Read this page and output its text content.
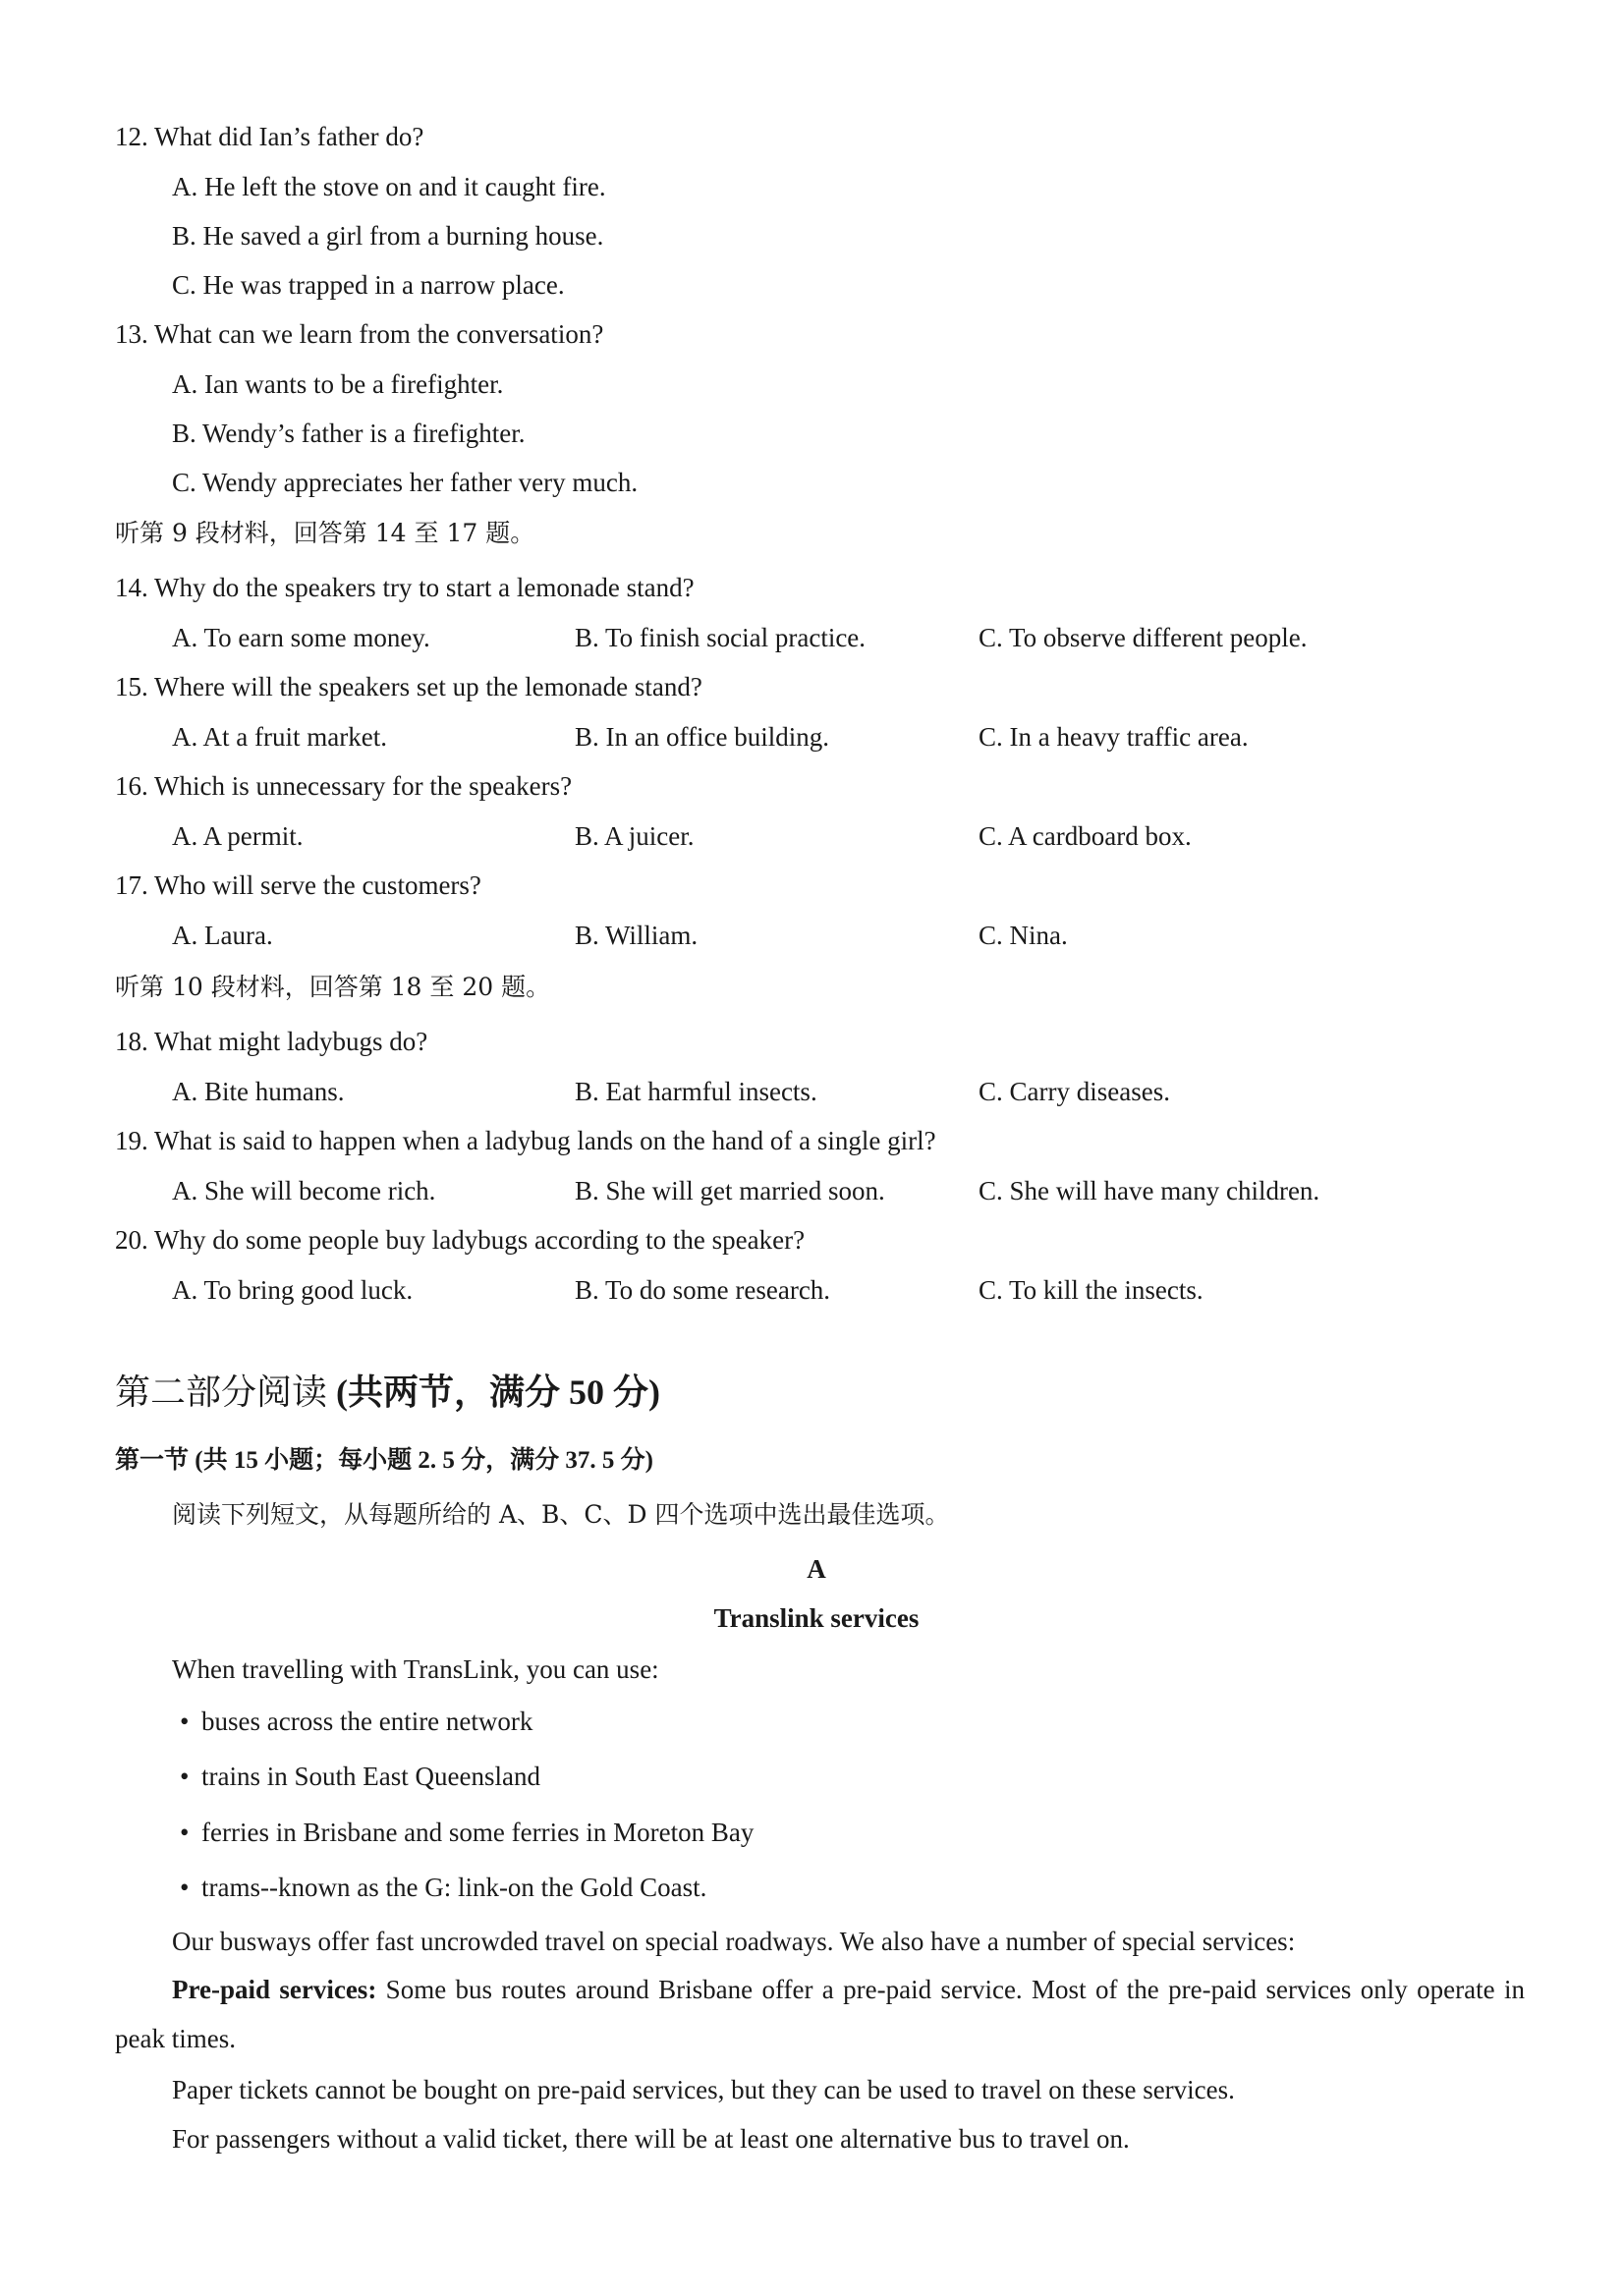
12. What did Ian’s father do?
A. He left the stove on and it caught fire.
B. He saved a girl from a burning house.
C. He was trapped in a narrow place.
13. What can we learn from the conversation?
A. Ian wants to be a firefighter.
B. Wendy’s father is a firefighter.
C. Wendy appreciates her father very much.
听第 9 段材料，回答第 14 至 17 题。
14. Why do the speakers try to start a lemonade stand?
A. To earn some money.	B. To finish social practice.	C. To observe different people.
15. Where will the speakers set up the lemonade stand?
A. At a fruit market.	B. In an office building.	C. In a heavy traffic area.
16. Which is unnecessary for the speakers?
A. A permit.	B. A juicer.	C. A cardboard box.
17. Who will serve the customers?
A. Laura.	B. William.	C. Nina.
听第 10 段材料，回答第 18 至 20 题。
18. What might ladybugs do?
A. Bite humans.	B. Eat harmful insects.	C. Carry diseases.
19. What is said to happen when a ladybug lands on the hand of a single girl?
A. She will become rich.	B. She will get married soon.	C. She will have many children.
20. Why do some people buy ladybugs according to the speaker?
A. To bring good luck.	B. To do some research.	C. To kill the insects.
第二部分阅读 (共两节，满分 50 分)
第一节 (共 15 小题；每小题 2. 5 分，满分 37. 5 分)
阅读下列短文，从每题所给的 A、B、C、D 四个选项中选出最佳选项。
A
Translink services
When travelling with TransLink, you can use:
• buses across the entire network
• trains in South East Queensland
• ferries in Brisbane and some ferries in Moreton Bay
• trams--known as the G: link-on the Gold Coast.
Our busways offer fast uncrowded travel on special roadways. We also have a number of special services:
Pre-paid services: Some bus routes around Brisbane offer a pre-paid service. Most of the pre-paid services only operate in peak times.
Paper tickets cannot be bought on pre-paid services, but they can be used to travel on these services.
For passengers without a valid ticket, there will be at least one alternative bus to travel on.
